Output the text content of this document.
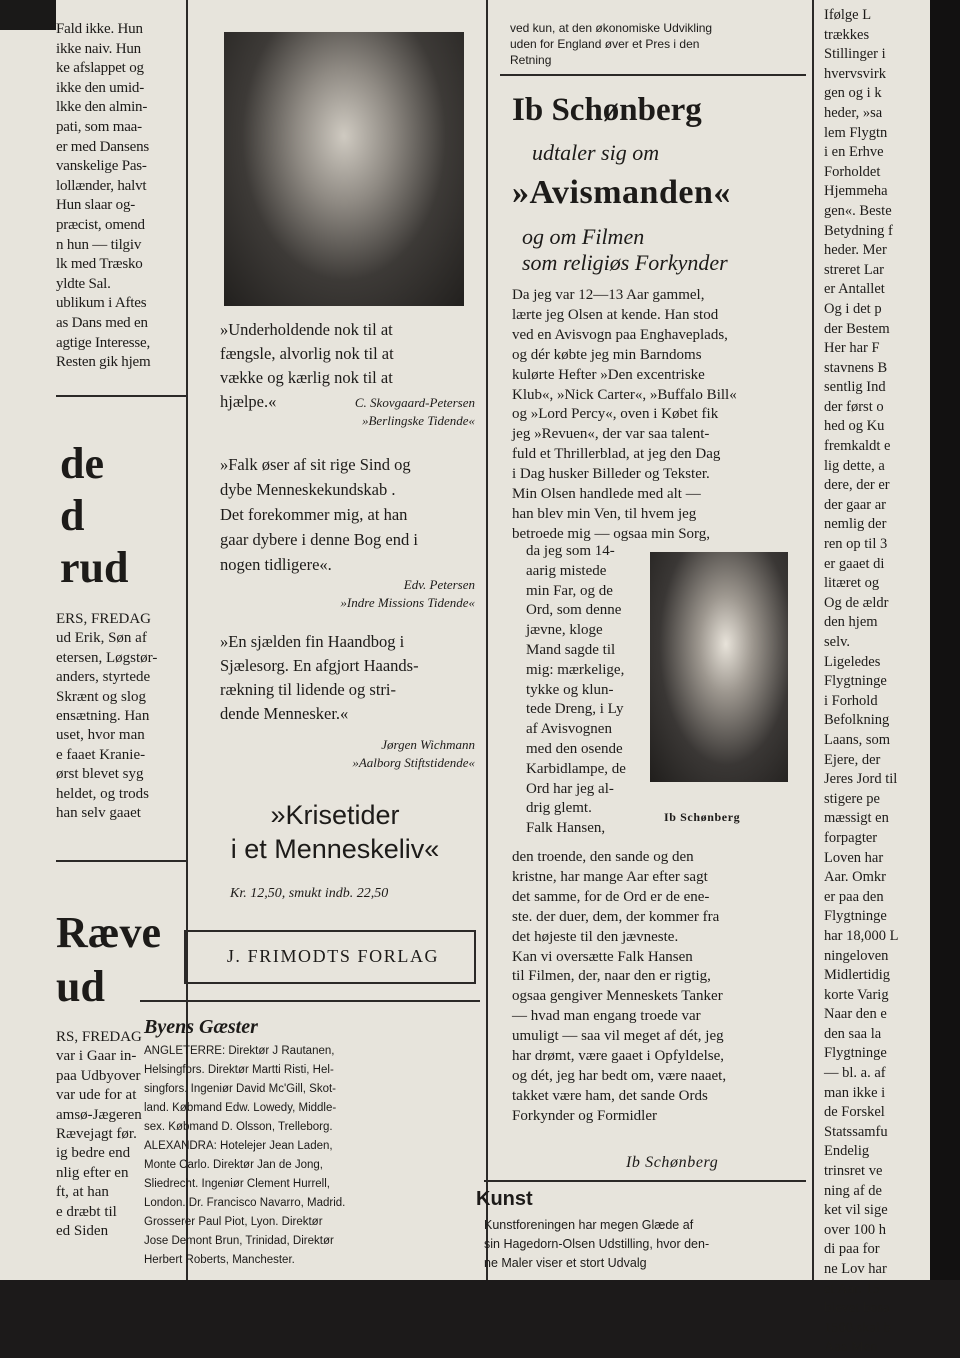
Fald ikke. Hun
ikke naiv. Hun
ke afslappet og
ikke den umid-
lkke den almin-
pati, som maa-
er med Dansens
vanskelige Pas-
lollænder, halvt
Hun slaar og-
præcist, omend
n hun — tilgiv
lk med Træsko
yldte Sal.
ublikum i Aftes
as Dans med en
agtige Interesse,
Resten gik hjem
de
d
rud
ERS, FREDAG
ud Erik, Søn af
etersen, Løgstør-
anders, styrtede
Skrænt og slog
ensætning. Han
uset, hvor man
e faaet Kranie-
ørst blevet syg
heldet, og trods
han selv gaaet
Ræve
ud
RS, FREDAG
var i Gaar in-
paa Udbyover
var ude for at
amsø-Jægeren
Rævejagt før.
ig bedre end
nlig efter en
ft, at han
e dræbt til
ed Siden
»Underholdende nok til at
fængsle, alvorlig nok til at
vække og kærlig nok til at
hjælpe.«	C. Skovgaard-Petersen
»Berlingske Tidende«
»Falk øser af sit rige Sind og
dybe Menneskekundskab .
Det forekommer mig, at han
gaar dybere i denne Bog end i
nogen tidligere«.
Edv. Petersen
»Indre Missions Tidende«
»En sjælden fin Haandbog i
Sjælesorg. En afgjort Haands-
rækning til lidende og stri-
dende Mennesker.«
Jørgen Wichmann
»Aalborg Stiftstidende«
»Krisetider
i et Menneskeliv«
Kr. 12,50, smukt indb. 22,50
J. FRIMODTS FORLAG
Byens Gæster
ANGLETERRE: Direktør J Rautanen,
Helsingfors. Direktør Martti Risti, Hel-
singfors. Ingeniør David Mc'Gill, Skot-
land. Købmand Edw. Lowedy, Middle-
sex. Købmand D. Olsson, Trelleborg.
ALEXANDRA: Hotelejer Jean Laden,
Monte Carlo. Direktør Jan de Jong,
Sliedrecht. Ingeniør Clement Hurrell,
London. Dr. Francisco Navarro, Madrid.
Grosserer Paul Piot, Lyon. Direktør
Jose Demont Brun, Trinidad, Direktør
Herbert Roberts, Manchester.
ved kun, at den økonomiske Udvikling
uden for England øver et Pres i den
Retning
Ib Schønberg
udtaler sig om
»Avismanden«
og om Filmen
som religiøs Forkynder
Da jeg var 12—13 Aar gammel,
lærte jeg Olsen at kende. Han stod
ved en Avisvogn paa Enghaveplads,
og dér købte jeg min Barndoms
kulørte Hefter »Den excentriske
Klub«, »Nick Carter«, »Buffalo Bill«
og »Lord Percy«, oven i Købet fik
jeg »Revuen«, der var saa talent-
fuld et Thrillerblad, at jeg den Dag
i Dag husker Billeder og Tekster.
Min Olsen handlede med alt —
han blev min Ven, til hvem jeg
betroede mig — ogsaa min Sorg,
da jeg som 14-
aarig mistede
min Far, og de
Ord, som denne
jævne, kloge
Mand sagde til
mig: mærkelige,
tykke og klun-
tede Dreng, i Ly
af Avisvognen
med den osende
Karbidlampe, de
Ord har jeg al-
drig glemt.
Falk Hansen,
Ib Schønberg
den troende, den sande og den
kristne, har mange Aar efter sagt
det samme, for de Ord er de ene-
ste. der duer, dem, der kommer fra
det højeste til den jævneste.
Kan vi oversætte Falk Hansen
til Filmen, der, naar den er rigtig,
ogsaa gengiver Menneskets Tanker
— hvad man engang troede var
umuligt — saa vil meget af dét, jeg
har drømt, være gaaet i Opfyldelse,
og dét, jeg har bedt om, være naaet,
takket være ham, det sande Ords
Forkynder og Formidler
Ib Schønberg
Kunst
Kunstforeningen har megen Glæde af
sin Hagedorn-Olsen Udstilling, hvor den-
ne Maler viser et stort Udvalg
Ifølge L
trækkes
Stillinger i
hvervsvirk
gen og i k
heder, »sa
lem Flygtn
i en Erhve
Forholdet
Hjemmeha
gen«. Beste
Betydning f
heder. Mer
streret Lar
er Antallet
Og i det p
der Bestem
Her har F
stavnens B
sentlig Ind
der først o
hed og Ku
fremkaldt e
lig dette, a
dere, der er
der gaar ar
nemlig der
ren op til 3
er gaaet di
litæret og
Og de ældr
den hjem
selv.
Ligeledes
Flygtninge
i Forhold
Befolkning
Laans, som
Ejere, der
Jeres Jord til
stigere pe
mæssigt en
forpagter
Loven har
Aar. Omkr
er paa den
Flygtninge
har 18,000 L
ningeloven
Midlertidig
korte Varig
Naar den e
den saa la
Flygtninge
— bl. a. af
man ikke i
de Forskel
Statssamfu
Endelig
trinsret ve
ning af de
ket vil sige
over 100 h
di paa for
ne Lov har
et Aar. 15
blevet bosa
1500 skal b
Aaa Men
